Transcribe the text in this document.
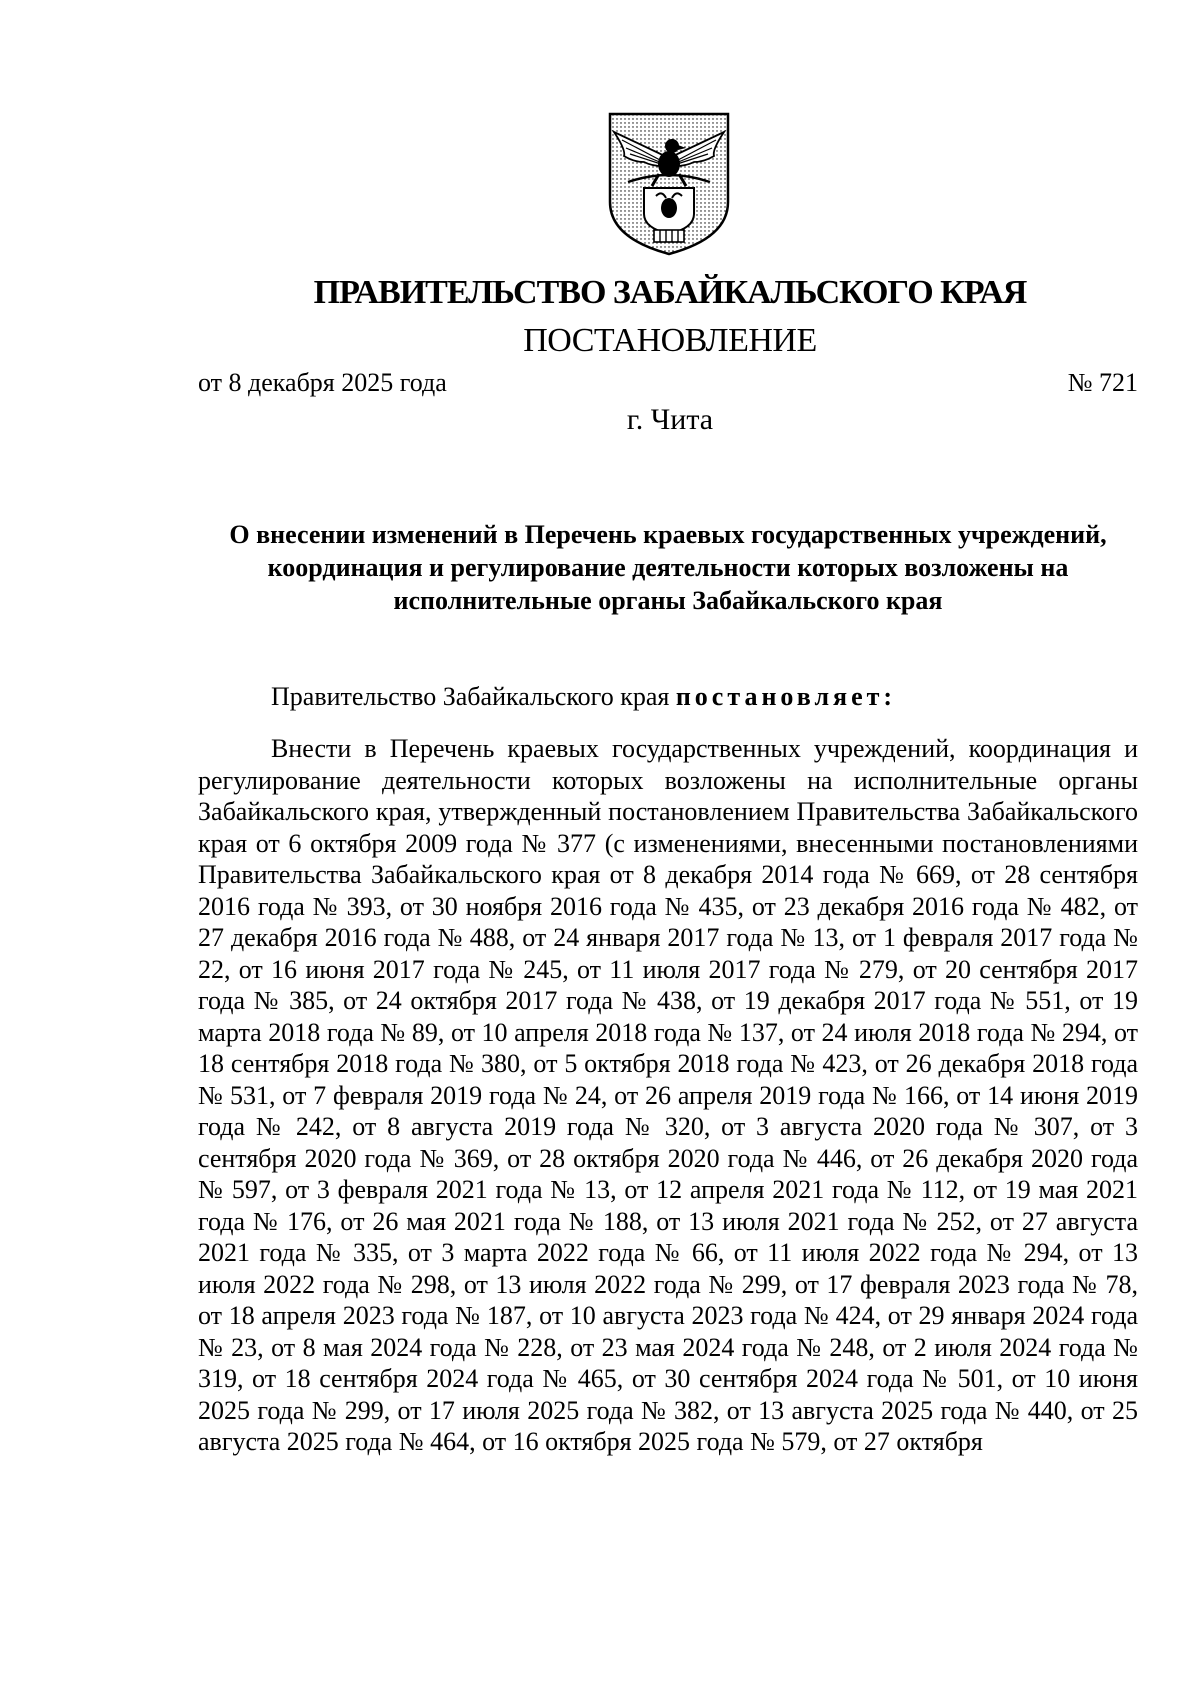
ПРАВИТЕЛЬСТВО ЗАБАЙКАЛЬСКОГО КРАЯ
ПОСТАНОВЛЕНИЕ
от 8 декабря 2025 года	№ 721
г. Чита
О внесении изменений в Перечень краевых государственных учреждений, координация и регулирование деятельности которых возложены на исполнительные органы Забайкальского края
Правительство Забайкальского края постановляет:

Внести в Перечень краевых государственных учреждений, координация и регулирование деятельности которых возложены на исполнительные органы Забайкальского края, утвержденный постановлением Правительства Забайкальского края от 6 октября 2009 года № 377 (с изменениями, внесенными постановлениями Правительства Забайкальского края от 8 декабря 2014 года № 669, от 28 сентября 2016 года № 393, от 30 ноября 2016 года № 435, от 23 декабря 2016 года № 482, от 27 декабря 2016 года № 488, от 24 января 2017 года № 13, от 1 февраля 2017 года № 22, от 16 июня 2017 года № 245, от 11 июля 2017 года № 279, от 20 сентября 2017 года № 385, от 24 октября 2017 года № 438, от 19 декабря 2017 года № 551, от 19 марта 2018 года № 89, от 10 апреля 2018 года № 137, от 24 июля 2018 года № 294, от 18 сентября 2018 года № 380, от 5 октября 2018 года № 423, от 26 декабря 2018 года № 531, от 7 февраля 2019 года № 24, от 26 апреля 2019 года № 166, от 14 июня 2019 года № 242, от 8 августа 2019 года № 320, от 3 августа 2020 года № 307, от 3 сентября 2020 года № 369, от 28 октября 2020 года № 446, от 26 декабря 2020 года № 597, от 3 февраля 2021 года № 13, от 12 апреля 2021 года № 112, от 19 мая 2021 года № 176, от 26 мая 2021 года № 188, от 13 июля 2021 года № 252, от 27 августа 2021 года № 335, от 3 марта 2022 года № 66, от 11 июля 2022 года № 294, от 13 июля 2022 года № 298, от 13 июля 2022 года № 299, от 17 февраля 2023 года № 78, от 18 апреля 2023 года № 187, от 10 августа 2023 года № 424, от 29 января 2024 года № 23, от 8 мая 2024 года № 228, от 23 мая 2024 года № 248, от 2 июля 2024 года № 319, от 18 сентября 2024 года № 465, от 30 сентября 2024 года № 501, от 10 июня 2025 года № 299, от 17 июля 2025 года № 382, от 13 августа 2025 года № 440, от 25 августа 2025 года № 464, от 16 октября 2025 года № 579, от 27 октября
